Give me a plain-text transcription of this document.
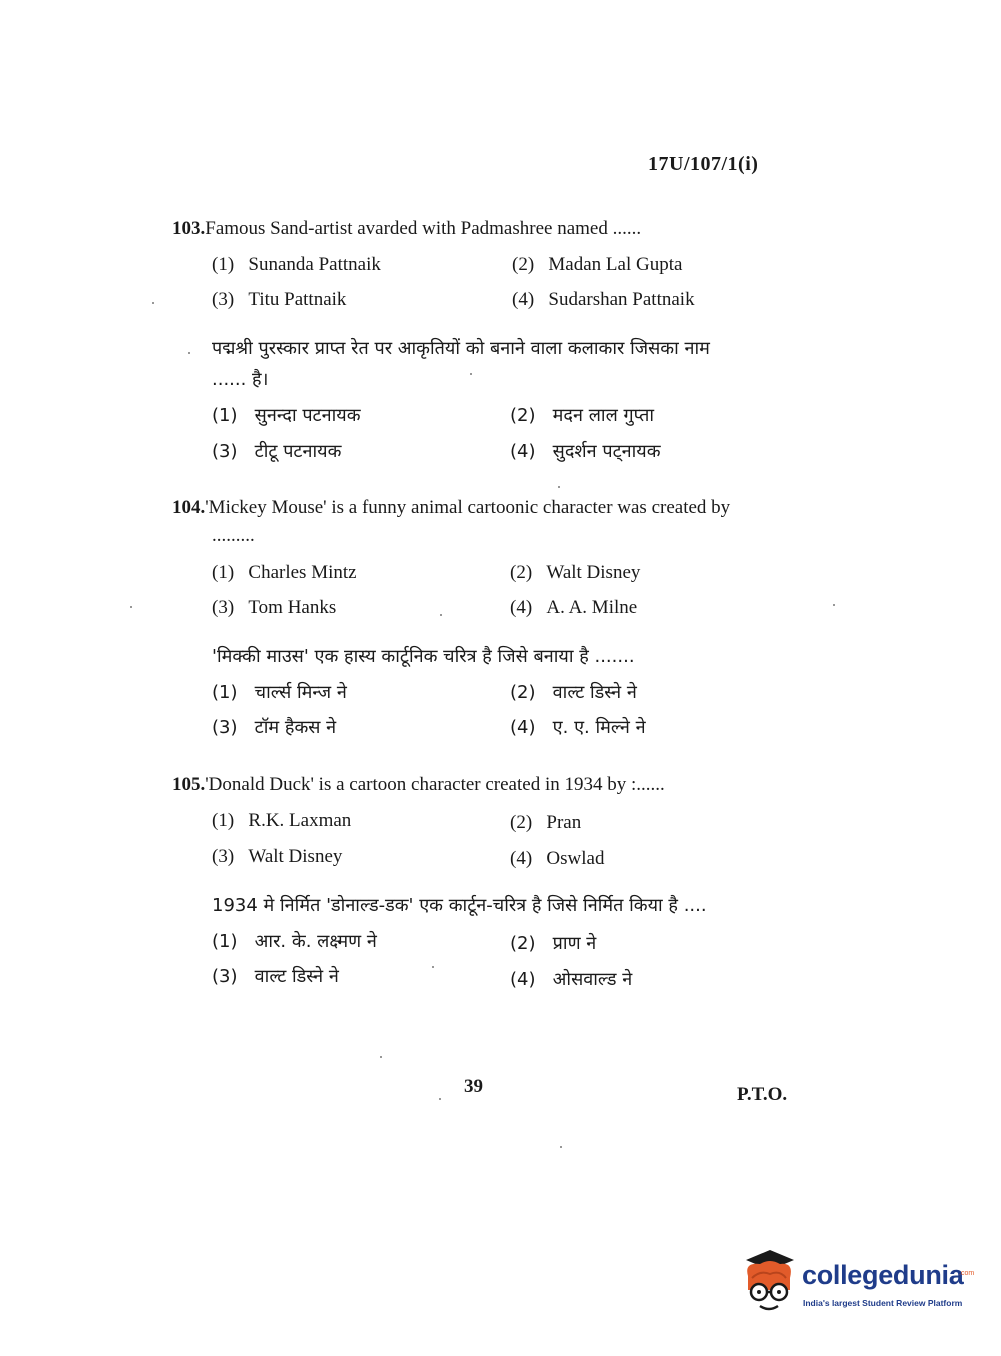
17U/107/1(i)
103.Famous Sand-artist avarded with Padmashree named ......
(1) Sunanda Pattnaik	(2) Madan Lal Gupta
(3) Titu Pattnaik	(4) Sudarshan Pattnaik
पद्मश्री पुरस्कार प्राप्त रेत पर आकृतियों को बनाने वाला कलाकार जिसका नाम
...... है।
(1) सुनन्दा पटनायक	(2) मदन लाल गुप्ता
(3) टीटू पटनायक	(4) सुदर्शन पट्नायक
104.'Mickey Mouse' is a funny animal cartoonic character was created by
.........
(1) Charles Mintz	(2) Walt Disney
(3) Tom Hanks	(4) A. A. Milne
'मिक्की माउस' एक हास्य कार्टूनिक चरित्र है जिसे बनाया है .......
(1) चार्ल्स मिन्ज ने	(2) वाल्ट डिस्ने ने
(3) टॉम हैकस ने	(4) ए. ए. मिल्ने ने
105.'Donald Duck' is a cartoon character created in 1934 by :......
(1) R.K. Laxman	(2) Pran
(3) Walt Disney	(4) Oswlad
1934 मे निर्मित 'डोनाल्ड-डक' एक कार्टून-चरित्र है जिसे निर्मित किया है ....
(1) आर. के. लक्ष्मण ने	(2) प्राण ने
(3) वाल्ट डिस्ने ने	(4) ओसवाल्ड ने
39	P.T.O.
collegedunia
.com
India's largest Student Review Platform
